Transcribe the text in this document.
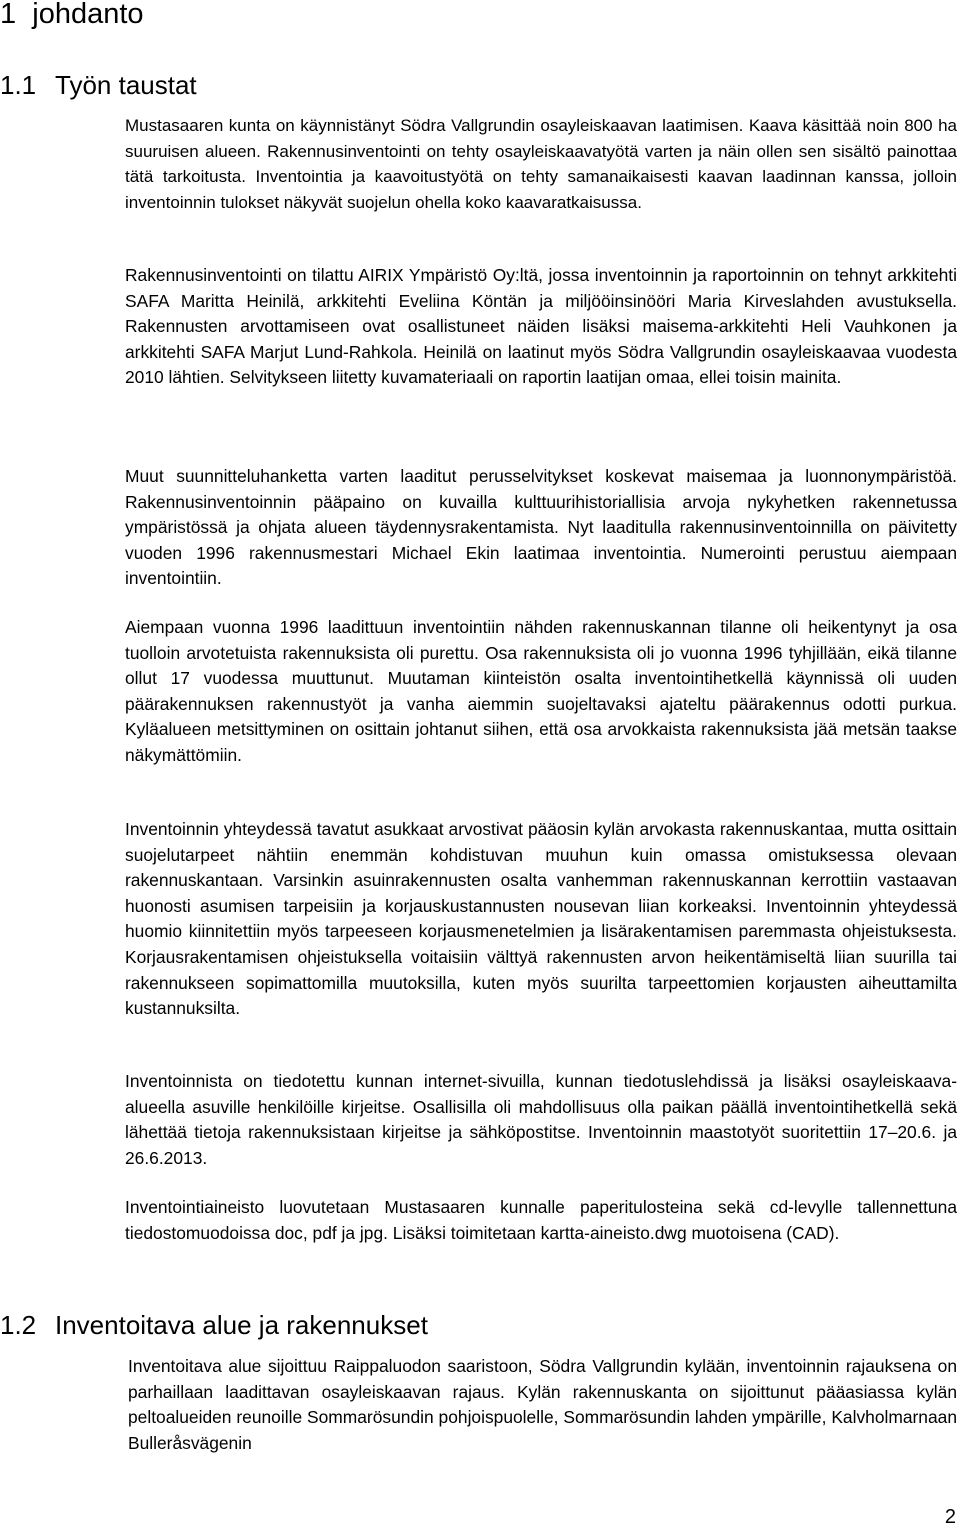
1 johdanto
1.1 Työn taustat

Mustasaaren kunta on käynnistänyt Södra Vallgrundin osayleiskaavan laatimisen. Kaava käsittää noin 800 ha suuruisen alueen. Rakennusinventointi on tehty osayleiskaavatyötä varten ja näin ollen sen sisältö painottaa tätä tarkoitusta. Inventointia ja kaavoitustyötä on tehty samanaikaisesti kaavan laadinnan kanssa, jolloin inventoinnin tulokset näkyvät suojelun ohella koko kaavaratkaisussa.

Rakennusinventointi on tilattu AIRIX Ympäristö Oy:ltä, jossa inventoinnin ja raportoinnin on tehnyt arkkitehti SAFA Maritta Heinilä, arkkitehti Eveliina Köntän ja miljööinsinööri Maria Kirveslahden avustuksella. Rakennusten arvottamiseen ovat osallistuneet näiden lisäksi maisema-arkkitehti Heli Vauhkonen ja arkkitehti SAFA Marjut Lund-Rahkola. Heinilä on laatinut myös Södra Vallgrundin osayleiskaavaa vuodesta 2010 lähtien. Selvitykseen liitetty kuvamateriaali on raportin laatijan omaa, ellei toisin mainita.

Muut suunnitteluhanketta varten laaditut perusselvitykset koskevat maisemaa ja luonnonympäristöä. Rakennusinventoinnin pääpaino on kuvailla kulttuurihistoriallisia arvoja nykyhetken rakennetussa ympäristössä ja ohjata alueen täydennysrakentamista. Nyt laaditulla rakennusinventoinnilla on päivitetty vuoden 1996 rakennusmestari Michael Ekin laatimaa inventointia. Numerointi perustuu aiempaan inventointiin.

Aiempaan vuonna 1996 laadittuun inventointiin nähden rakennuskannan tilanne oli heikentynyt ja osa tuolloin arvotetuista rakennuksista oli purettu. Osa rakennuksista oli jo vuonna 1996 tyhjillään, eikä tilanne ollut 17 vuodessa muuttunut. Muutaman kiinteistön osalta inventointihetkellä käynnissä oli uuden päärakennuksen rakennustyöt ja vanha aiemmin suojeltavaksi ajateltu päärakennus odotti purkua. Kyläalueen metsittyminen on osittain johtanut siihen, että osa arvokkaista rakennuksista jää metsän taakse näkymättömiin.

Inventoinnin yhteydessä tavatut asukkaat arvostivat pääosin kylän arvokasta rakennuskantaa, mutta osittain suojelutarpeet nähtiin enemmän kohdistuvan muuhun kuin omassa omistuksessa olevaan rakennuskantaan. Varsinkin asuinrakennusten osalta vanhemman rakennuskannan kerrottiin vastaavan huonosti asumisen tarpeisiin ja korjauskustannusten nousevan liian korkeaksi. Inventoinnin yhteydessä huomio kiinnitettiin myös tarpeeseen korjausmenetelmien ja lisärakentamisen paremmasta ohjeistuksesta. Korjausrakentamisen ohjeistuksella voitaisiin välttyä rakennusten arvon heikentämiseltä liian suurilla tai rakennukseen sopimattomilla muutoksilla, kuten myös suurilta tarpeettomien korjausten aiheuttamilta kustannuksilta.

Inventoinnista on tiedotettu kunnan internet-sivuilla, kunnan tiedotuslehdissä ja lisäksi osayleiskaava-alueella asuville henkilöille kirjeitse. Osallisilla oli mahdollisuus olla paikan päällä inventointihetkellä sekä lähettää tietoja rakennuksistaan kirjeitse ja sähköpostitse. Inventoinnin maastotyöt suoritettiin 17–20.6. ja 26.6.2013.

Inventointiaineisto luovutetaan Mustasaaren kunnalle paperitulosteina sekä cd-levylle tallennettuna tiedostomuodoissa doc, pdf ja jpg. Lisäksi toimitetaan kartta-aineisto.dwg muotoisena (CAD).

1.2 Inventoitava alue ja rakennukset

Inventoitava alue sijoittuu Raippaluodon saaristoon, Södra Vallgrundin kylään, inventoinnin rajauksena on parhaillaan laadittavan osayleiskaavan rajaus. Kylän rakennuskanta on sijoittunut pääasiassa kylän peltoalueiden reunoille Sommarösundin pohjoispuolelle, Sommarösundin lahden ympärille, Kalvholmarnaan Bulleråsvägenin

2
